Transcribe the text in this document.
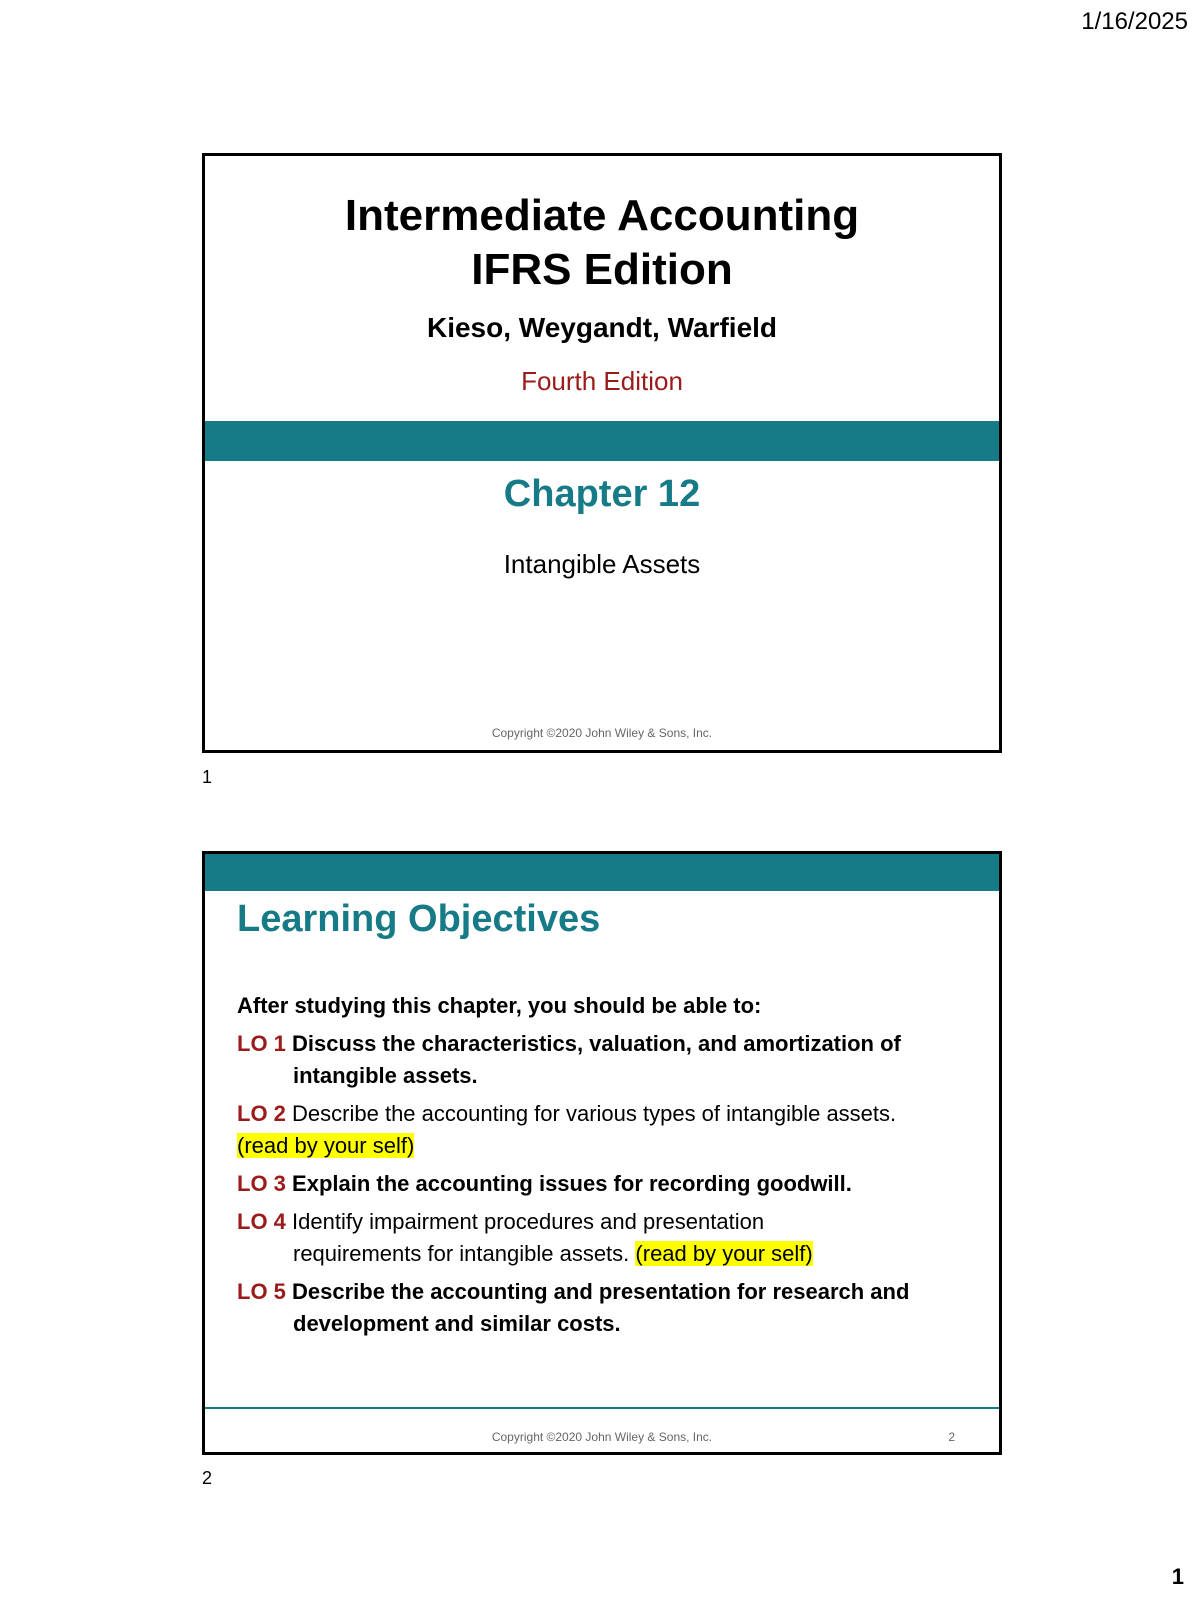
1/16/2025
Intermediate Accounting
IFRS Edition
Kieso, Weygandt, Warfield
Fourth Edition
Chapter 12
Intangible Assets
Copyright ©2020 John Wiley & Sons, Inc.
1
Learning Objectives
After studying this chapter, you should be able to:
LO 1 Discuss the characteristics, valuation, and amortization of
intangible assets.
LO 2 Describe the accounting for various types of intangible assets.
(read by your self)
LO 3 Explain the accounting issues for recording goodwill.
LO 4 Identify impairment procedures and presentation
requirements for intangible assets. (read by your self)
LO 5 Describe the accounting and presentation for research and
development and similar costs.
Copyright ©2020 John Wiley & Sons, Inc.	2
2
1
